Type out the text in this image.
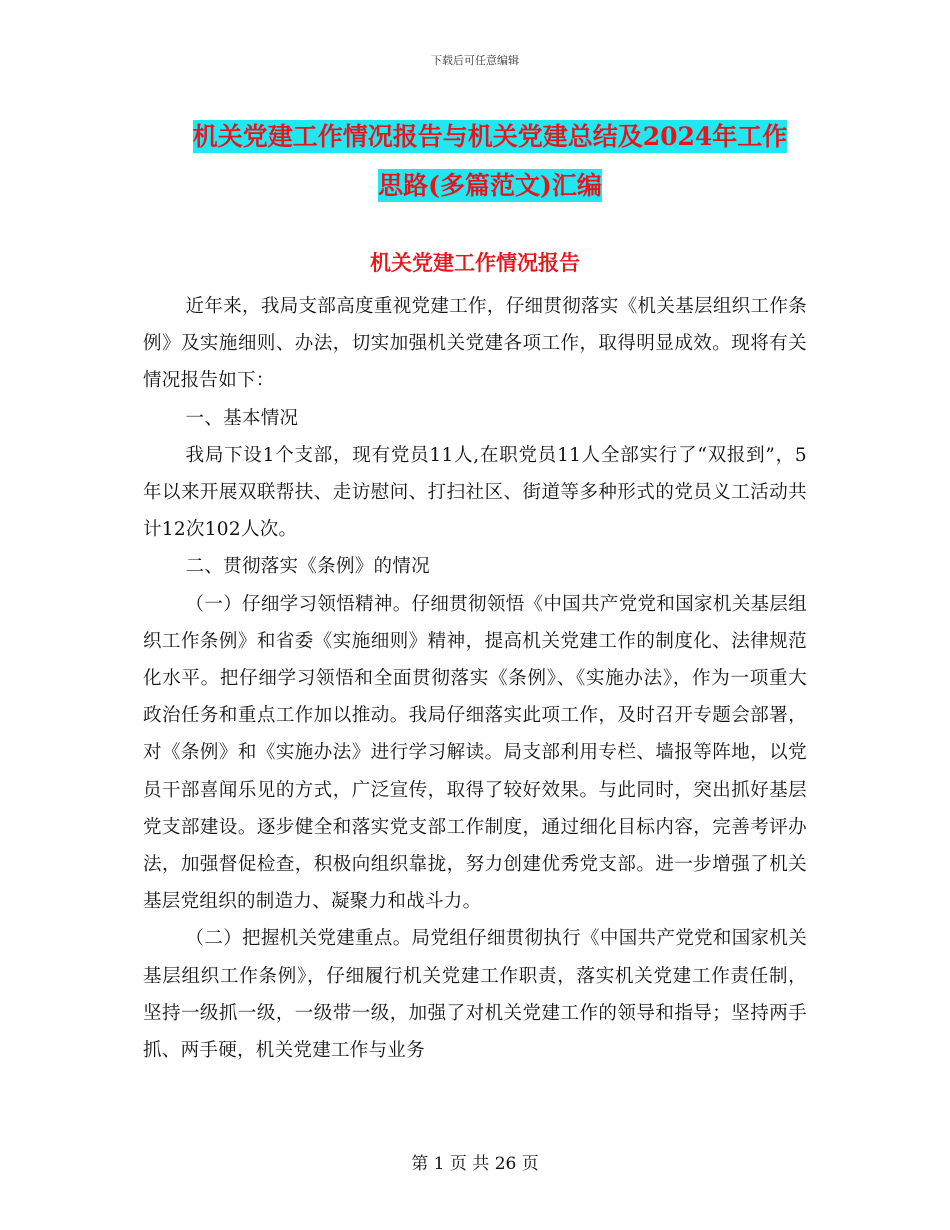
下载后可任意编辑
机关党建工作情况报告与机关党建总结及2024年工作
思路(多篇范文)汇编
机关党建工作情况报告

近年来，我局支部高度重视党建工作，仔细贯彻落实《机关基层组织工作条例》及实施细则、办法，切实加强机关党建各项工作，取得明显成效。现将有关情况报告如下：

一、基本情况

我局下设1个支部，现有党员11人,在职党员11人全部实行了“双报到”，5年以来开展双联帮扶、走访慰问、打扫社区、街道等多种形式的党员义工活动共计12次102人次。

二、贯彻落实《条例》的情况

（一）仔细学习领悟精神。仔细贯彻领悟《中国共产党党和国家机关基层组织工作条例》和省委《实施细则》精神，提高机关党建工作的制度化、法律规范化水平。把仔细学习领悟和全面贯彻落实《条例》、《实施办法》，作为一项重大政治任务和重点工作加以推动。我局仔细落实此项工作，及时召开专题会部署，对《条例》和《实施办法》进行学习解读。局支部利用专栏、墙报等阵地，以党员干部喜闻乐见的方式，广泛宣传，取得了较好效果。与此同时，突出抓好基层党支部建设。逐步健全和落实党支部工作制度，通过细化目标内容，完善考评办法，加强督促检查，积极向组织靠拢，努力创建优秀党支部。进一步增强了机关基层党组织的制造力、凝聚力和战斗力。

（二）把握机关党建重点。局党组仔细贯彻执行《中国共产党党和国家机关基层组织工作条例》，仔细履行机关党建工作职责，落实机关党建工作责任制，坚持一级抓一级，一级带一级，加强了对机关党建工作的领导和指导；坚持两手抓、两手硬，机关党建工作与业务

第 1 页 共 26 页
